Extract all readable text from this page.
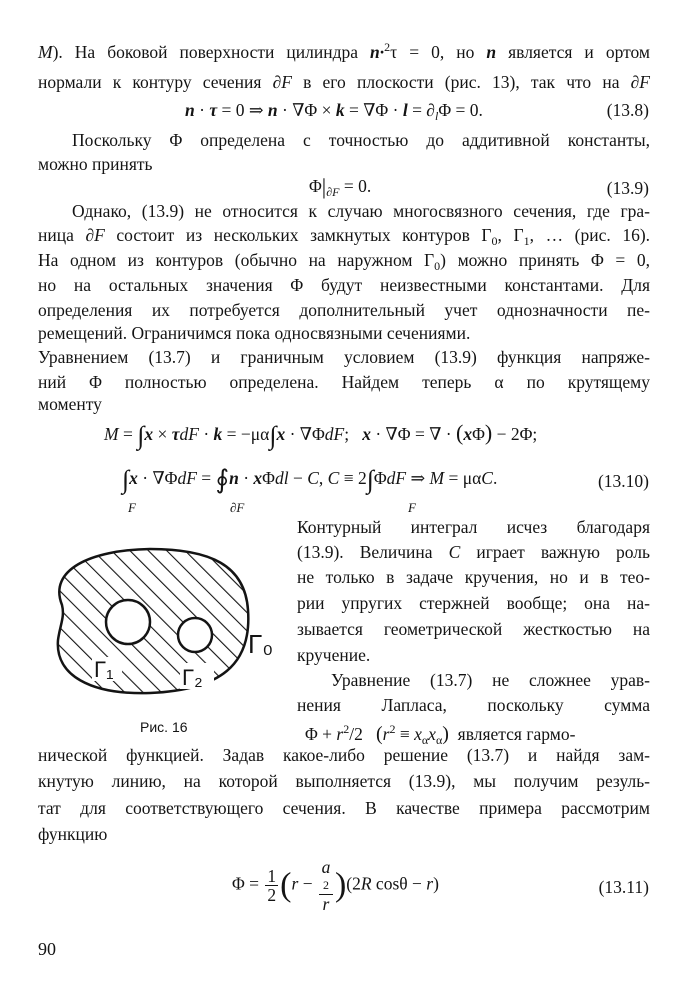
M). На боковой поверхности цилиндра n·$^2$τ = 0, но n является и ортом
нормали к контуру сечения ∂F в его плоскости (рис. 13), так что на ∂F
n · τ = 0 ⇒ $n \cdot \nabla\Phi \times k = \nabla\Phi \cdot l = \partial_l\Phi = 0$.	(13.8)
Поскольку Φ определена с точностью до аддитивной константы,
можно принять
$\Phi|_{\partial F} = 0$.	(13.9)
Однако, (13.9) не относится к случаю многосвязного сечения, где гра-
ница ∂F состоит из нескольких замкнутых контуров $\Gamma_0$, $\Gamma_1$, … (рис. 16).
На одном из контуров (обычно на наружном $\Gamma_0$) можно принять Φ = 0,
но на остальных значения Φ будут неизвестными константами. Для
определения их потребуется дополнительный учет однозначности пе-
ремещений. Ограничимся пока односвязными сечениями.
Уравнением (13.7) и граничным условием (13.9) функция напряже-
ний Φ полностью определена. Найдем теперь α по крутящему
моменту
M = ∫x × τdF · k = −μα∫x · ∇ΦdF;   x · ∇Φ = ∇ · (xΦ) − 2Φ;
∫x · ∇ΦdF = ∮n · xΦdl − C, C ≡ 2∫ΦdF ⇒ M = μαC.
F	∂F	F
(13.10)
Γ₁	Γ₂
Γ₀
Рис. 16
Контурный интеграл исчез благодаря
(13.9). Величина C играет важную роль
не только в задаче кручения, но и в тео-
рии упругих стержней вообще; она на-
зывается геометрической жесткостью на
кручение.
Уравнение (13.7) не сложнее урав-
нения Лапласа, поскольку сумма
$\Phi + r^2/2$   $(r^2 \equiv x_\alpha x_\alpha)$ является гармо-
нической функцией. Задав какое-либо решение (13.7) и найдя зам-
кнутую линию, на которой выполняется (13.9), мы получим резуль-
тат для соответствующего сечения. В качестве примера рассмотрим
функцию
$\Phi = \frac{1}{2} (r - a$
2
r )(2R cosθ − r)	(13.11)
90
